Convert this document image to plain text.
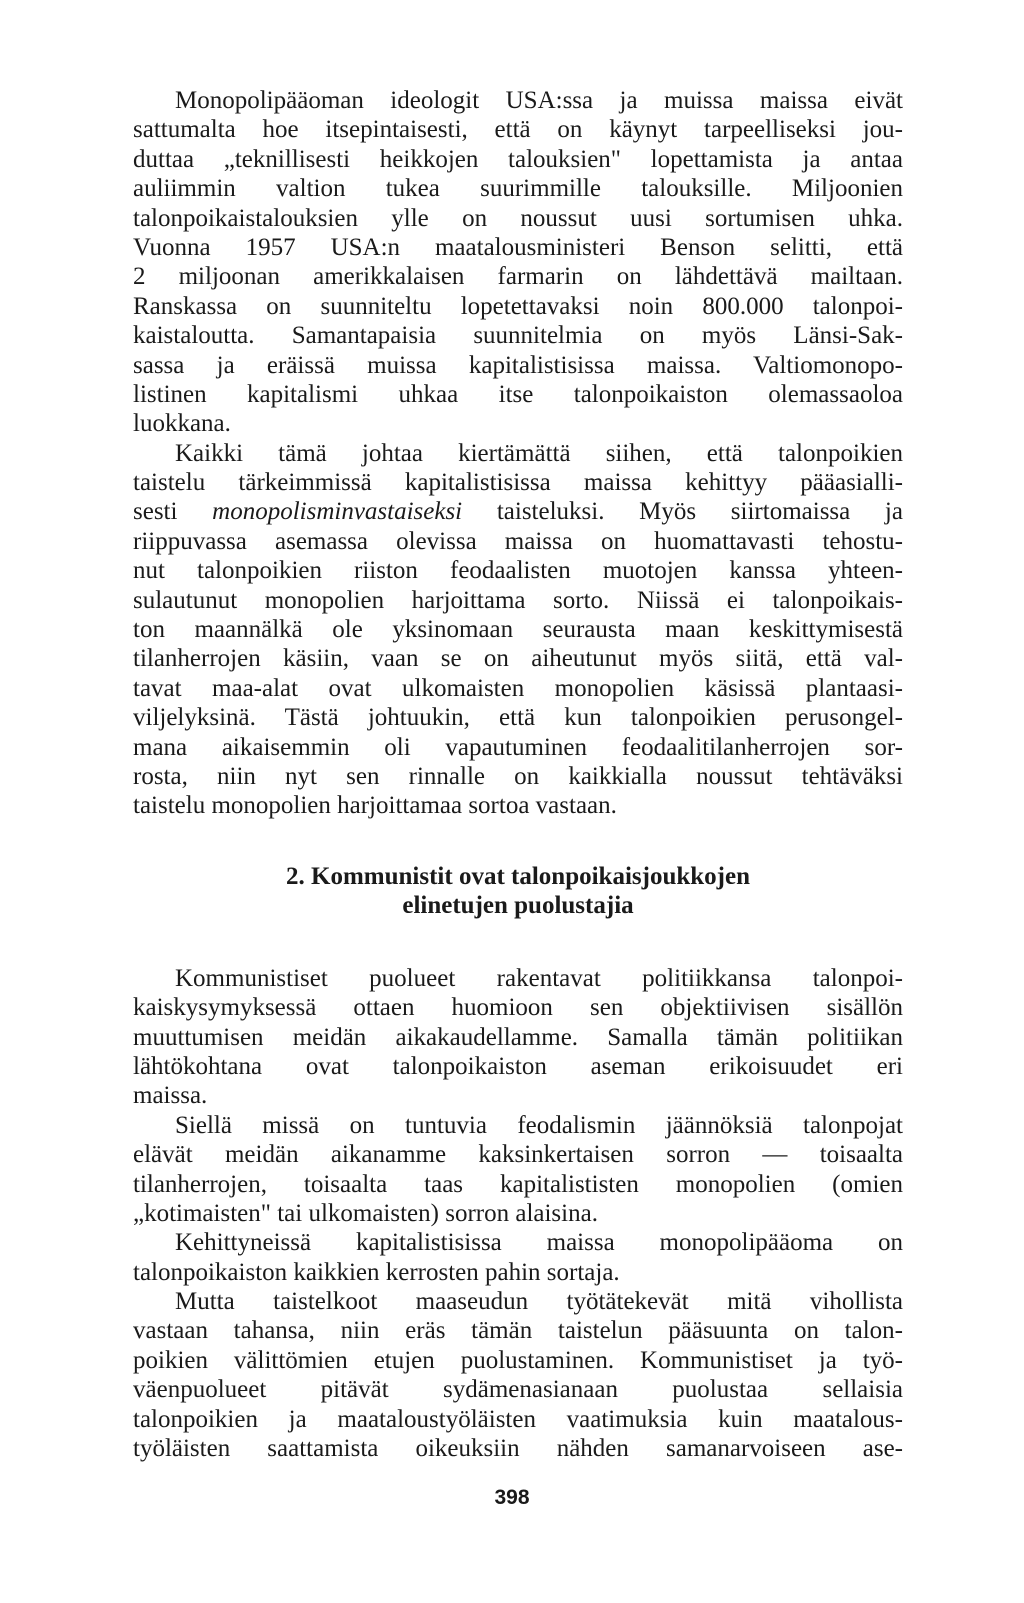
Monopolipääoman ideologit USA:ssa ja muissa maissa eivät
sattumalta hoe itsepintaisesti, että on käynyt tarpeelliseksi jou-
duttaa „teknillisesti heikkojen talouksien" lopettamista ja antaa
auliimmin valtion tukea suurimmille talouksille. Miljoonien
talonpoikaistalouksien ylle on noussut uusi sortumisen uhka.
Vuonna 1957 USA:n maatalousministeri Benson selitti, että
2 miljoonan amerikkalaisen farmarin on lähdettävä mailtaan.
Ranskassa on suunniteltu lopetettavaksi noin 800.000 talonpoi-
kaistaloutta. Samantapaisia suunnitelmia on myös Länsi-Sak-
sassa ja eräissä muissa kapitalistisissa maissa. Valtiomonopo-
listinen kapitalismi uhkaa itse talonpoikaiston olemassaoloa
luokkana.
Kaikki tämä johtaa kiertämättä siihen, että talonpoikien
taistelu tärkeimmissä kapitalistisissa maissa kehittyy pääasialli-
sesti monopolisminvastaiseksi taisteluksi. Myös siirtomaissa ja
riippuvassa asemassa olevissa maissa on huomattavasti tehostu-
nut talonpoikien riiston feodaalisten muotojen kanssa yhteen-
sulautunut monopolien harjoittama sorto. Niissä ei talonpoikais-
ton maannälkä ole yksinomaan seurausta maan keskittymisestä
tilanherrojen käsiin, vaan se on aiheutunut myös siitä, että val-
tavat maa-alat ovat ulkomaisten monopolien käsissä plantaasi-
viljelyksinä. Tästä johtuukin, että kun talonpoikien perusongel-
mana aikaisemmin oli vapautuminen feodaalitilanherrojen sor-
rosta, niin nyt sen rinnalle on kaikkialla noussut tehtäväksi
taistelu monopolien harjoittamaa sortoa vastaan.
2. Kommunistit ovat talonpoikaisjoukkojen
elinetujen puolustajia
Kommunistiset puolueet rakentavat politiikkansa talonpoi-
kaiskysymyksessä ottaen huomioon sen objektiivisen sisällön
muuttumisen meidän aikakaudellamme. Samalla tämän politiikan
lähtökohtana ovat talonpoikaiston aseman erikoisuudet eri
maissa.
Siellä missä on tuntuvia feodalismin jäännöksiä talonpojat
elävät meidän aikanamme kaksinkertaisen sorron — toisaalta
tilanherrojen, toisaalta taas kapitalististen monopolien (omien
„kotimaisten" tai ulkomaisten) sorron alaisina.
Kehittyneissä kapitalistisissa maissa monopolipääoma on
talonpoikaiston kaikkien kerrosten pahin sortaja.
Mutta taistelkoot maaseudun työtätekevät mitä vihollista
vastaan tahansa, niin eräs tämän taistelun pääsuunta on talon-
poikien välittömien etujen puolustaminen. Kommunistiset ja työ-
väenpuolueet pitävät sydämenasianaan puolustaa sellaisia
talonpoikien ja maataloustyöläisten vaatimuksia kuin maatalous-
työläisten saattamista oikeuksiin nähden samanarvoiseen ase-
398
